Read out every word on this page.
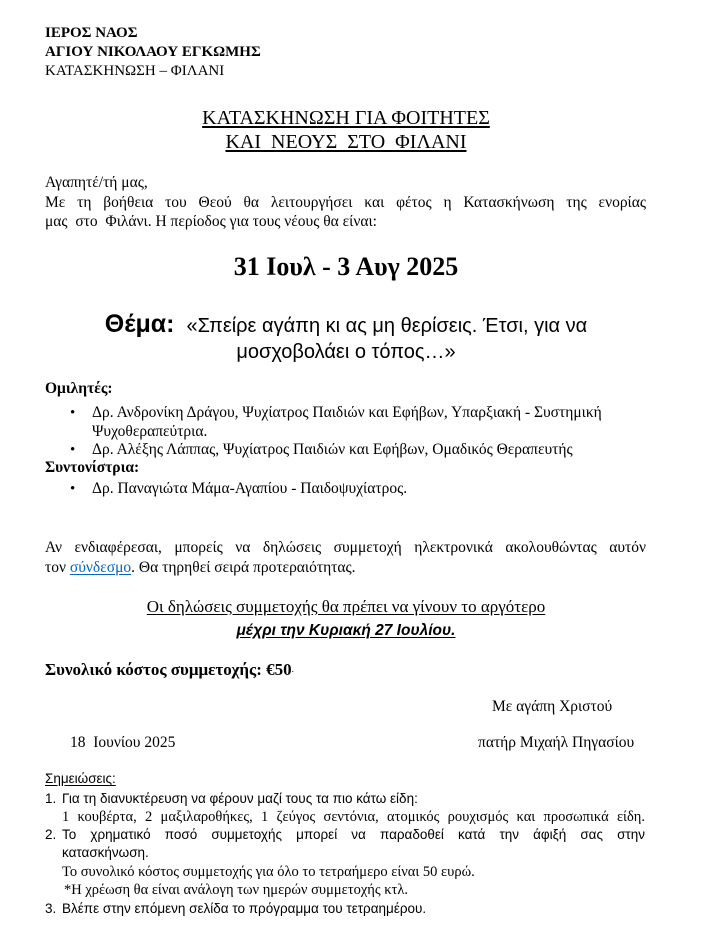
ΙΕΡΟΣ ΝΑΟΣ
ΑΓΙΟΥ ΝΙΚΟΛΑΟΥ ΕΓΚΩΜΗΣ
ΚΑΤΑΣΚΗΝΩΣΗ – ΦΙΛΑΝΙ
ΚΑΤΑΣΚΗΝΩΣΗ ΓΙΑ ΦΟΙΤΗΤΕΣ
ΚΑΙ  ΝΕΟΥΣ  ΣΤΟ  ΦΙΛΑΝΙ
Αγαπητέ/τή μας,
Με τη βοήθεια του Θεού θα λειτουργήσει και φέτος η Κατασκήνωση της ενορίας
μας  στο  Φιλάνι. Η περίοδος για τους νέους θα είναι:
31 Ιουλ - 3 Αυγ 2025
Θέμα: «Σπείρε αγάπη κι ας μη θερίσεις. Έτσι, για να
μοσχοβολάει ο τόπος…»
Ομιλητές:
• Δρ. Ανδρονίκη Δράγου, Ψυχίατρος Παιδιών και Εφήβων, Υπαρξιακή - Συστημική
Ψυχοθεραπεύτρια.
• Δρ. Αλέξης Λάππας, Ψυχίατρος Παιδιών και Εφήβων, Ομαδικός Θεραπευτής
Συντονίστρια:
• Δρ. Παναγιώτα Μάμα-Αγαπίου - Παιδοψυχίατρος.
Αν ενδιαφέρεσαι, μπορείς να δηλώσεις συμμετοχή ηλεκτρονικά ακολουθώντας αυτόν
τον σύνδεσμο. Θα τηρηθεί σειρά προτεραιότητας.
Οι δηλώσεις συμμετοχής θα πρέπει να γίνουν το αργότερο
μέχρι την Κυριακή 27 Ιουλίου.
Συνολικό κόστος συμμετοχής: €50.
Με αγάπη Χριστού
18  Ιουνίου 2025	πατήρ Μιχαήλ Πηγασίου
Σημειώσεις:
1. Για τη διανυκτέρευση να φέρουν μαζί τους τα πιο κάτω είδη:
1 κουβέρτα, 2 μαξιλαροθήκες, 1 ζεύγος σεντόνια, ατομικός ρουχισμός και προσωπικά είδη.
2. Το χρηματικό ποσό συμμετοχής μπορεί να παραδοθεί κατά την άφιξή σας στην
κατασκήνωση.
Το συνολικό κόστος συμμετοχής για όλο το τετραήμερο είναι 50 ευρώ.
*Η χρέωση θα είναι ανάλογη των ημερών συμμετοχής κτλ.
3. Βλέπε στην επόμενη σελίδα το πρόγραμμα του τετραημέρου.
